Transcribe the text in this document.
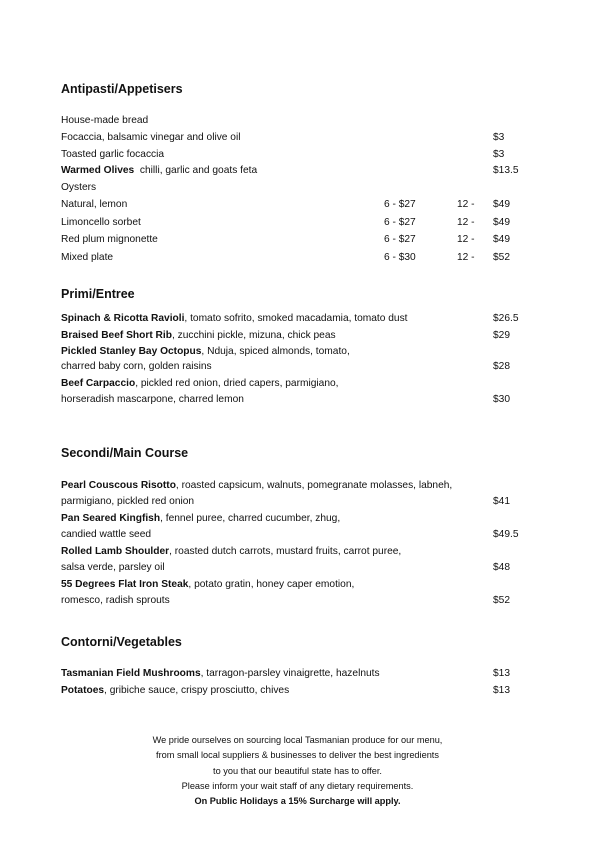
Antipasti/Appetisers
House-made bread
Focaccia, balsamic vinegar and olive oil	$3
Toasted garlic focaccia	$3
Warmed Olives  chilli, garlic and goats feta	$13.5
Oysters
Natural, lemon	6 - $27	12 - $49
Limoncello sorbet	6 - $27	12 - $49
Red plum mignonette	6 - $27	12 - $49
Mixed plate	6 - $30	12 - $52
Primi/Entree
Spinach & Ricotta Ravioli, tomato sofrito, smoked macadamia, tomato dust	$26.5
Braised Beef Short Rib, zucchini pickle, mizuna, chick peas	$29
Pickled Stanley Bay Octopus, Nduja, spiced almonds, tomato,
charred baby corn, golden raisins	$28
Beef Carpaccio, pickled red onion, dried capers, parmigiano,
horseradish mascarpone, charred lemon	$30
Secondi/Main Course
Pearl Couscous Risotto, roasted capsicum, walnuts, pomegranate molasses, labneh,
parmigiano, pickled red onion	$41
Pan Seared Kingfish, fennel puree, charred cucumber, zhug,
candied wattle seed	$49.5
Rolled Lamb Shoulder, roasted dutch carrots, mustard fruits, carrot puree,
salsa verde, parsley oil	$48
55 Degrees Flat Iron Steak, potato gratin, honey caper emotion,
romesco, radish sprouts	$52
Contorni/Vegetables
Tasmanian Field Mushrooms, tarragon-parsley vinaigrette, hazelnuts	$13
Potatoes, gribiche sauce, crispy prosciutto, chives	$13
We pride ourselves on sourcing local Tasmanian produce for our menu,
from small local suppliers & businesses to deliver the best ingredients
to you that our beautiful state has to offer.
Please inform your wait staff of any dietary requirements.
On Public Holidays a 15% Surcharge will apply.
